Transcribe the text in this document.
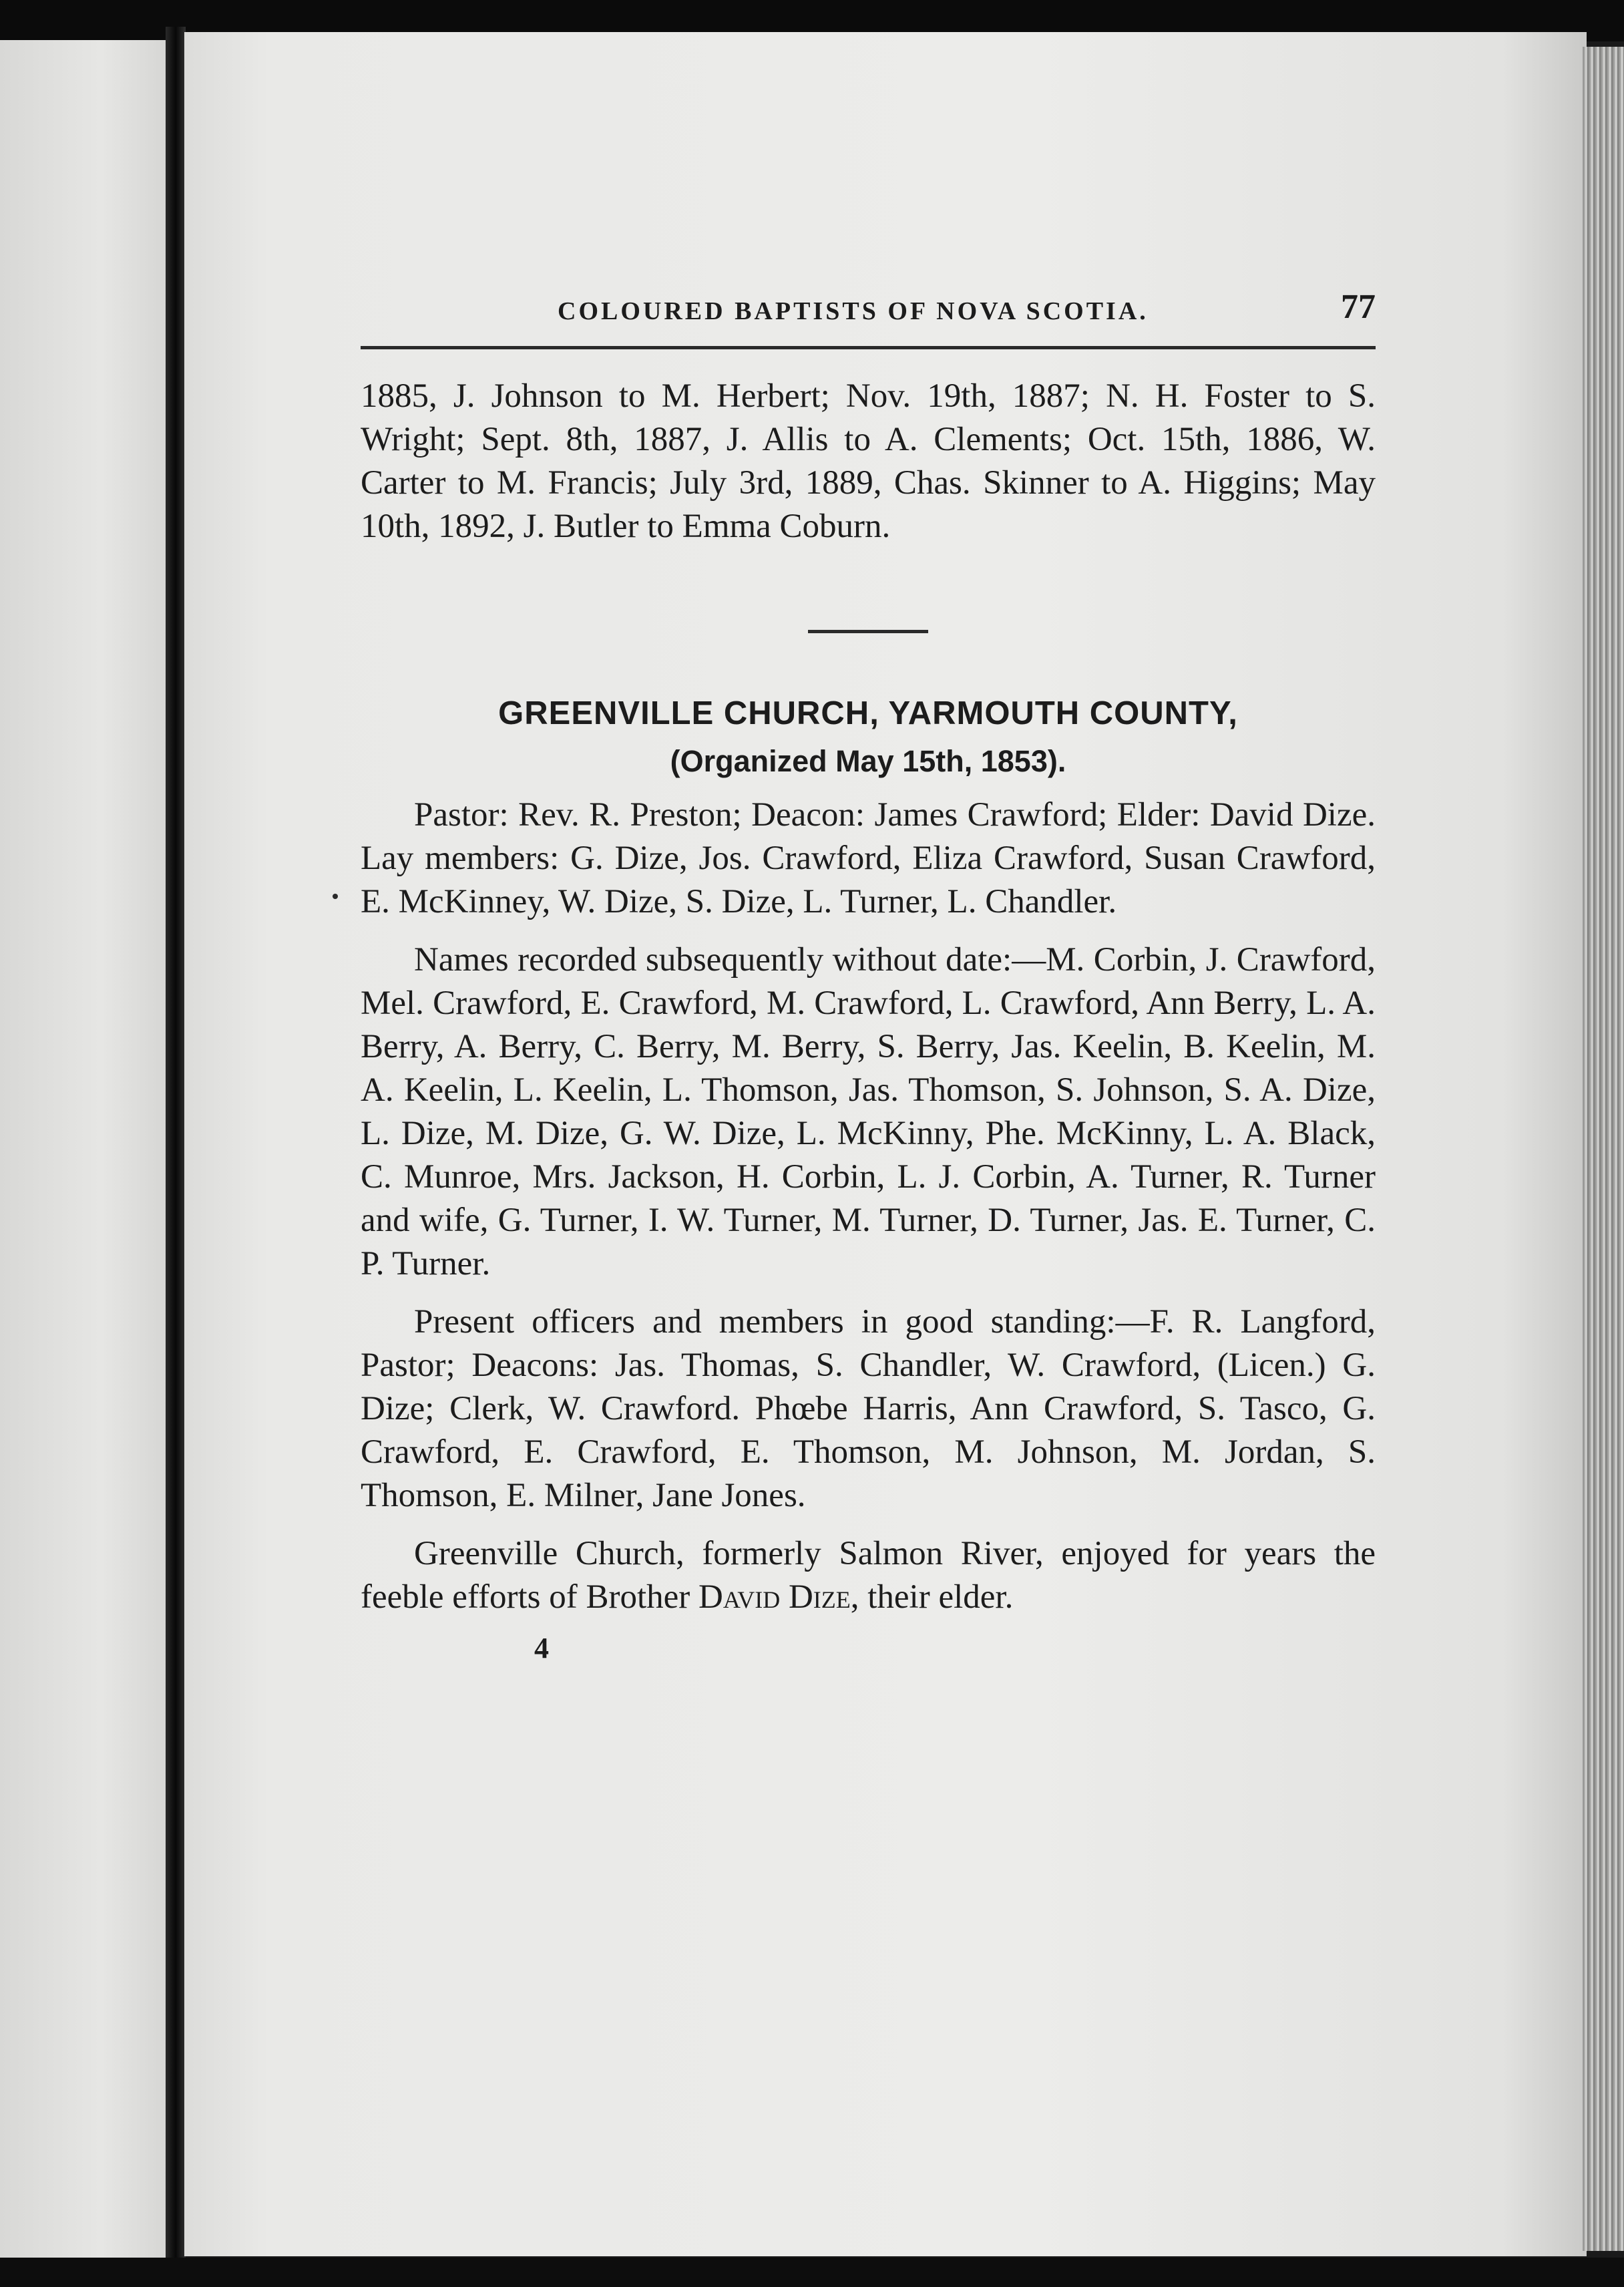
COLOURED BAPTISTS OF NOVA SCOTIA.	77

1885, J. Johnson to M. Herbert; Nov. 19th, 1887; N. H. Foster to S. Wright; Sept. 8th, 1887, J. Allis to A. Clements; Oct. 15th, 1886, W. Carter to M. Francis; July 3rd, 1889, Chas. Skinner to A. Higgins; May 10th, 1892, J. Butler to Emma Coburn.

GREENVILLE CHURCH, YARMOUTH COUNTY,
(Organized May 15th, 1853).

Pastor: Rev. R. Preston; Deacon: James Crawford; Elder: David Dize. Lay members: G. Dize, Jos. Crawford, Eliza Crawford, Susan Crawford, E. McKinney, W. Dize, S. Dize, L. Turner, L. Chandler.

Names recorded subsequently without date:—M. Corbin, J. Crawford, Mel. Crawford, E. Crawford, M. Crawford, L. Crawford, Ann Berry, L. A. Berry, A. Berry, C. Berry, M. Berry, S. Berry, Jas. Keelin, B. Keelin, M. A. Keelin, L. Keelin, L. Thomson, Jas. Thomson, S. Johnson, S. A. Dize, L. Dize, M. Dize, G. W. Dize, L. McKinny, Phe. McKinny, L. A. Black, C. Munroe, Mrs. Jackson, H. Corbin, L. J. Corbin, A. Turner, R. Turner and wife, G. Turner, I. W. Turner, M. Turner, D. Turner, Jas. E. Turner, C. P. Turner.

Present officers and members in good standing:—F. R. Langford, Pastor; Deacons: Jas. Thomas, S. Chandler, W. Crawford, (Licen.) G. Dize; Clerk, W. Crawford. Phœbe Harris, Ann Crawford, S. Tasco, G. Crawford, E. Crawford, E. Thomson, M. Johnson, M. Jordan, S. Thomson, E. Milner, Jane Jones.

Greenville Church, formerly Salmon River, enjoyed for years the feeble efforts of Brother David Dize, their elder.

4
